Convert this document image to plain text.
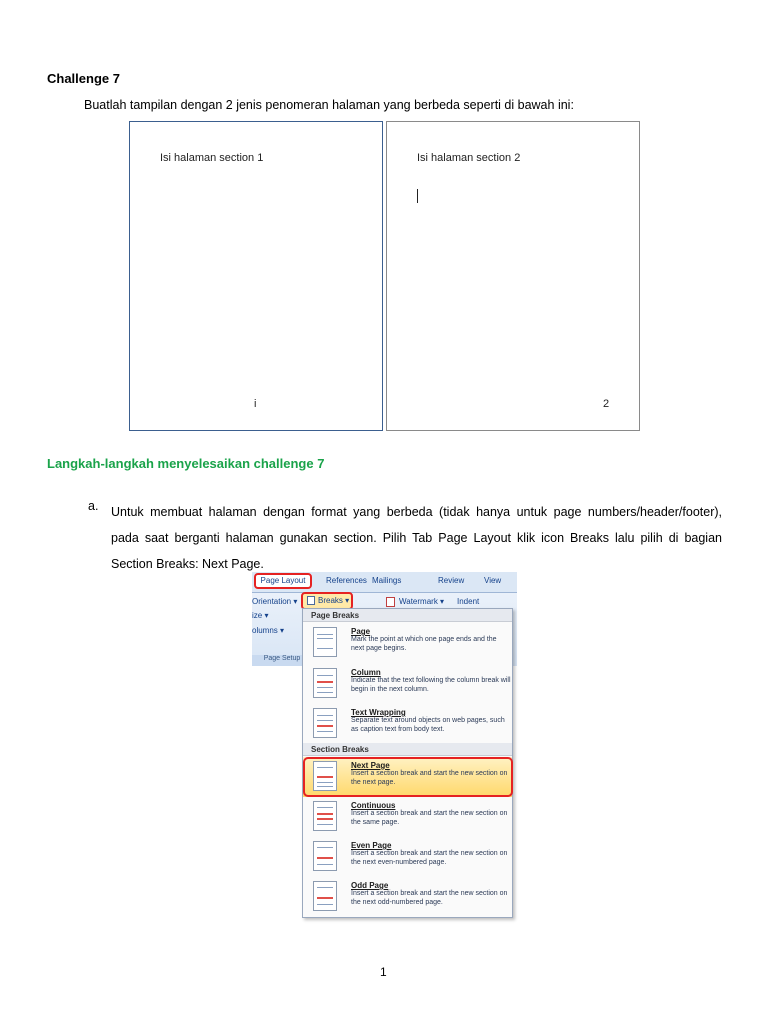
Challenge 7
Buatlah tampilan dengan 2 jenis penomeran halaman yang berbeda seperti di bawah ini:
Isi halaman section 1
i
Isi halaman section 2
2
Langkah-langkah menyelesaikan challenge 7
a. Untuk membuat halaman dengan format yang berbeda (tidak hanya untuk page numbers/header/footer),
pada saat berganti halaman gunakan section. Pilih Tab Page Layout klik icon Breaks lalu pilih di bagian
Section Breaks: Next Page.
Page Layout	References Mailings	Review View
Orientation ▾
ize ▾
olumns ▾
Watermark ▾ Indent
Page Setup
Breaks ▾
Page Breaks
Page
Mark the point at which one page ends and the next page begins.
Column
Indicate that the text following the column break will begin in the next column.
Text Wrapping
Separate text around objects on web pages, such as caption text from body text.
Section Breaks
Next Page
Insert a section break and start the new section on the next page.
Continuous
Insert a section break and start the new section on the same page.
Even Page
Insert a section break and start the new section on the next even-numbered page.
Odd Page
Insert a section break and start the new section on the next odd-numbered page.
1
